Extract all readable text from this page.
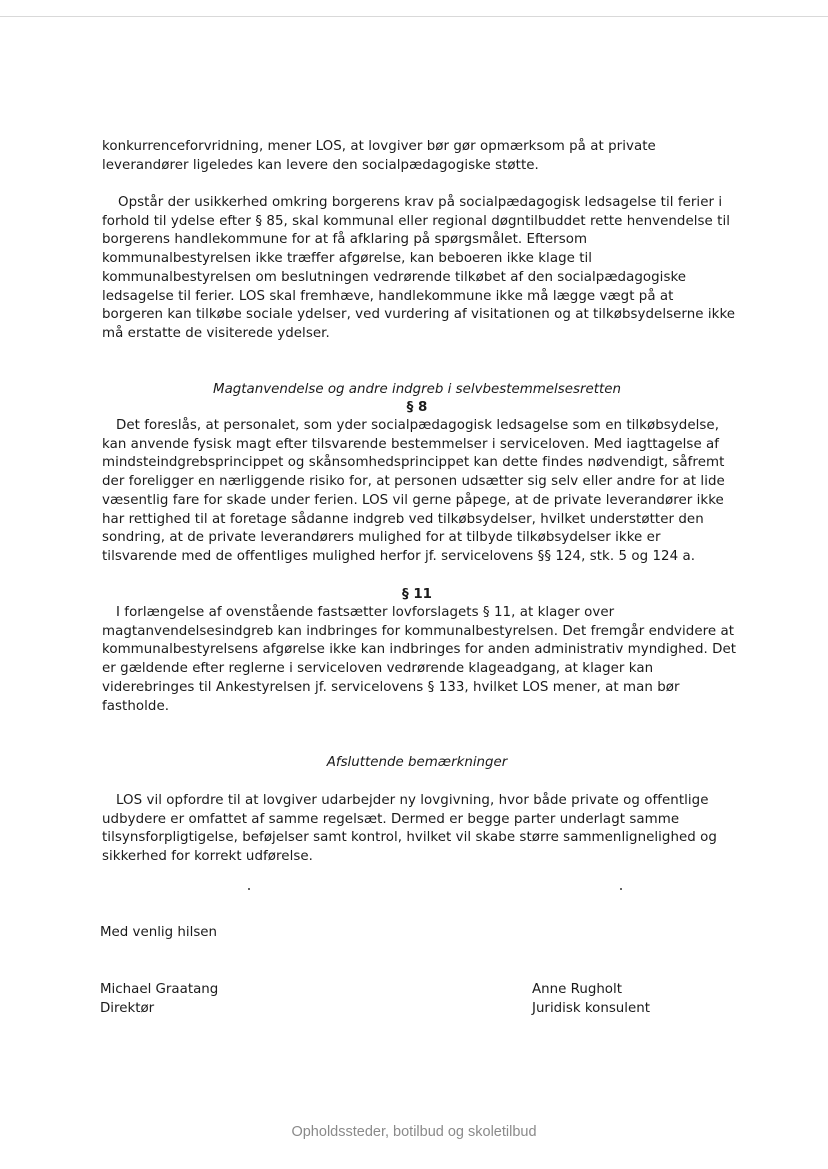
konkurrenceforvridning, mener LOS, at lovgiver bør gør opmærksom på at private
leverandører ligeledes kan levere den socialpædagogiske støtte.

Opstår der usikkerhed omkring borgerens krav på socialpædagogisk ledsagelse til ferier i
forhold til ydelse efter § 85, skal kommunal eller regional døgntilbuddet rette henvendelse til
borgerens handlekommune for at få afklaring på spørgsmålet. Eftersom
kommunalbestyrelsen ikke træffer afgørelse, kan beboeren ikke klage til
kommunalbestyrelsen om beslutningen vedrørende tilkøbet af den socialpædagogiske
ledsagelse til ferier. LOS skal fremhæve, handlekommune ikke må lægge vægt på at
borgeren kan tilkøbe sociale ydelser, ved vurdering af visitationen og at tilkøbsydelserne ikke
må erstatte de visiterede ydelser.

Magtanvendelse og andre indgreb i selvbestemmelsesretten
§ 8

Det foreslås, at personalet, som yder socialpædagogisk ledsagelse som en tilkøbsydelse,
kan anvende fysisk magt efter tilsvarende bestemmelser i serviceloven. Med iagttagelse af
mindsteindgrebsprincippet og skånsomhedsprincippet kan dette findes nødvendigt, såfremt
der foreligger en nærliggende risiko for, at personen udsætter sig selv eller andre for at lide
væsentlig fare for skade under ferien. LOS vil gerne påpege, at de private leverandører ikke
har rettighed til at foretage sådanne indgreb ved tilkøbsydelser, hvilket understøtter den
sondring, at de private leverandørers mulighed for at tilbyde tilkøbsydelser ikke er
tilsvarende med de offentliges mulighed herfor jf. servicelovens §§ 124, stk. 5 og 124 a.

§ 11

I forlængelse af ovenstående fastsætter lovforslagets § 11, at klager over
magtanvendelsesindgreb kan indbringes for kommunalbestyrelsen. Det fremgår endvidere at
kommunalbestyrelsens afgørelse ikke kan indbringes for anden administrativ myndighed. Det
er gældende efter reglerne i serviceloven vedrørende klageadgang, at klager kan
viderebringes til Ankestyrelsen jf. servicelovens § 133, hvilket LOS mener, at man bør
fastholde.

Afsluttende bemærkninger

LOS vil opfordre til at lovgiver udarbejder ny lovgivning, hvor både private og offentlige
udbydere er omfattet af samme regelsæt. Dermed er begge parter underlagt samme
tilsynsforpligtigelse, beføjelser samt kontrol, hvilket vil skabe større sammenlignelighed og
sikkerhed for korrekt udførelse.

Med venlig hilsen
Michael Graatang
Direktør
Anne Rugholt
Juridisk konsulent
Opholdssteder, botilbud og skoletilbud
